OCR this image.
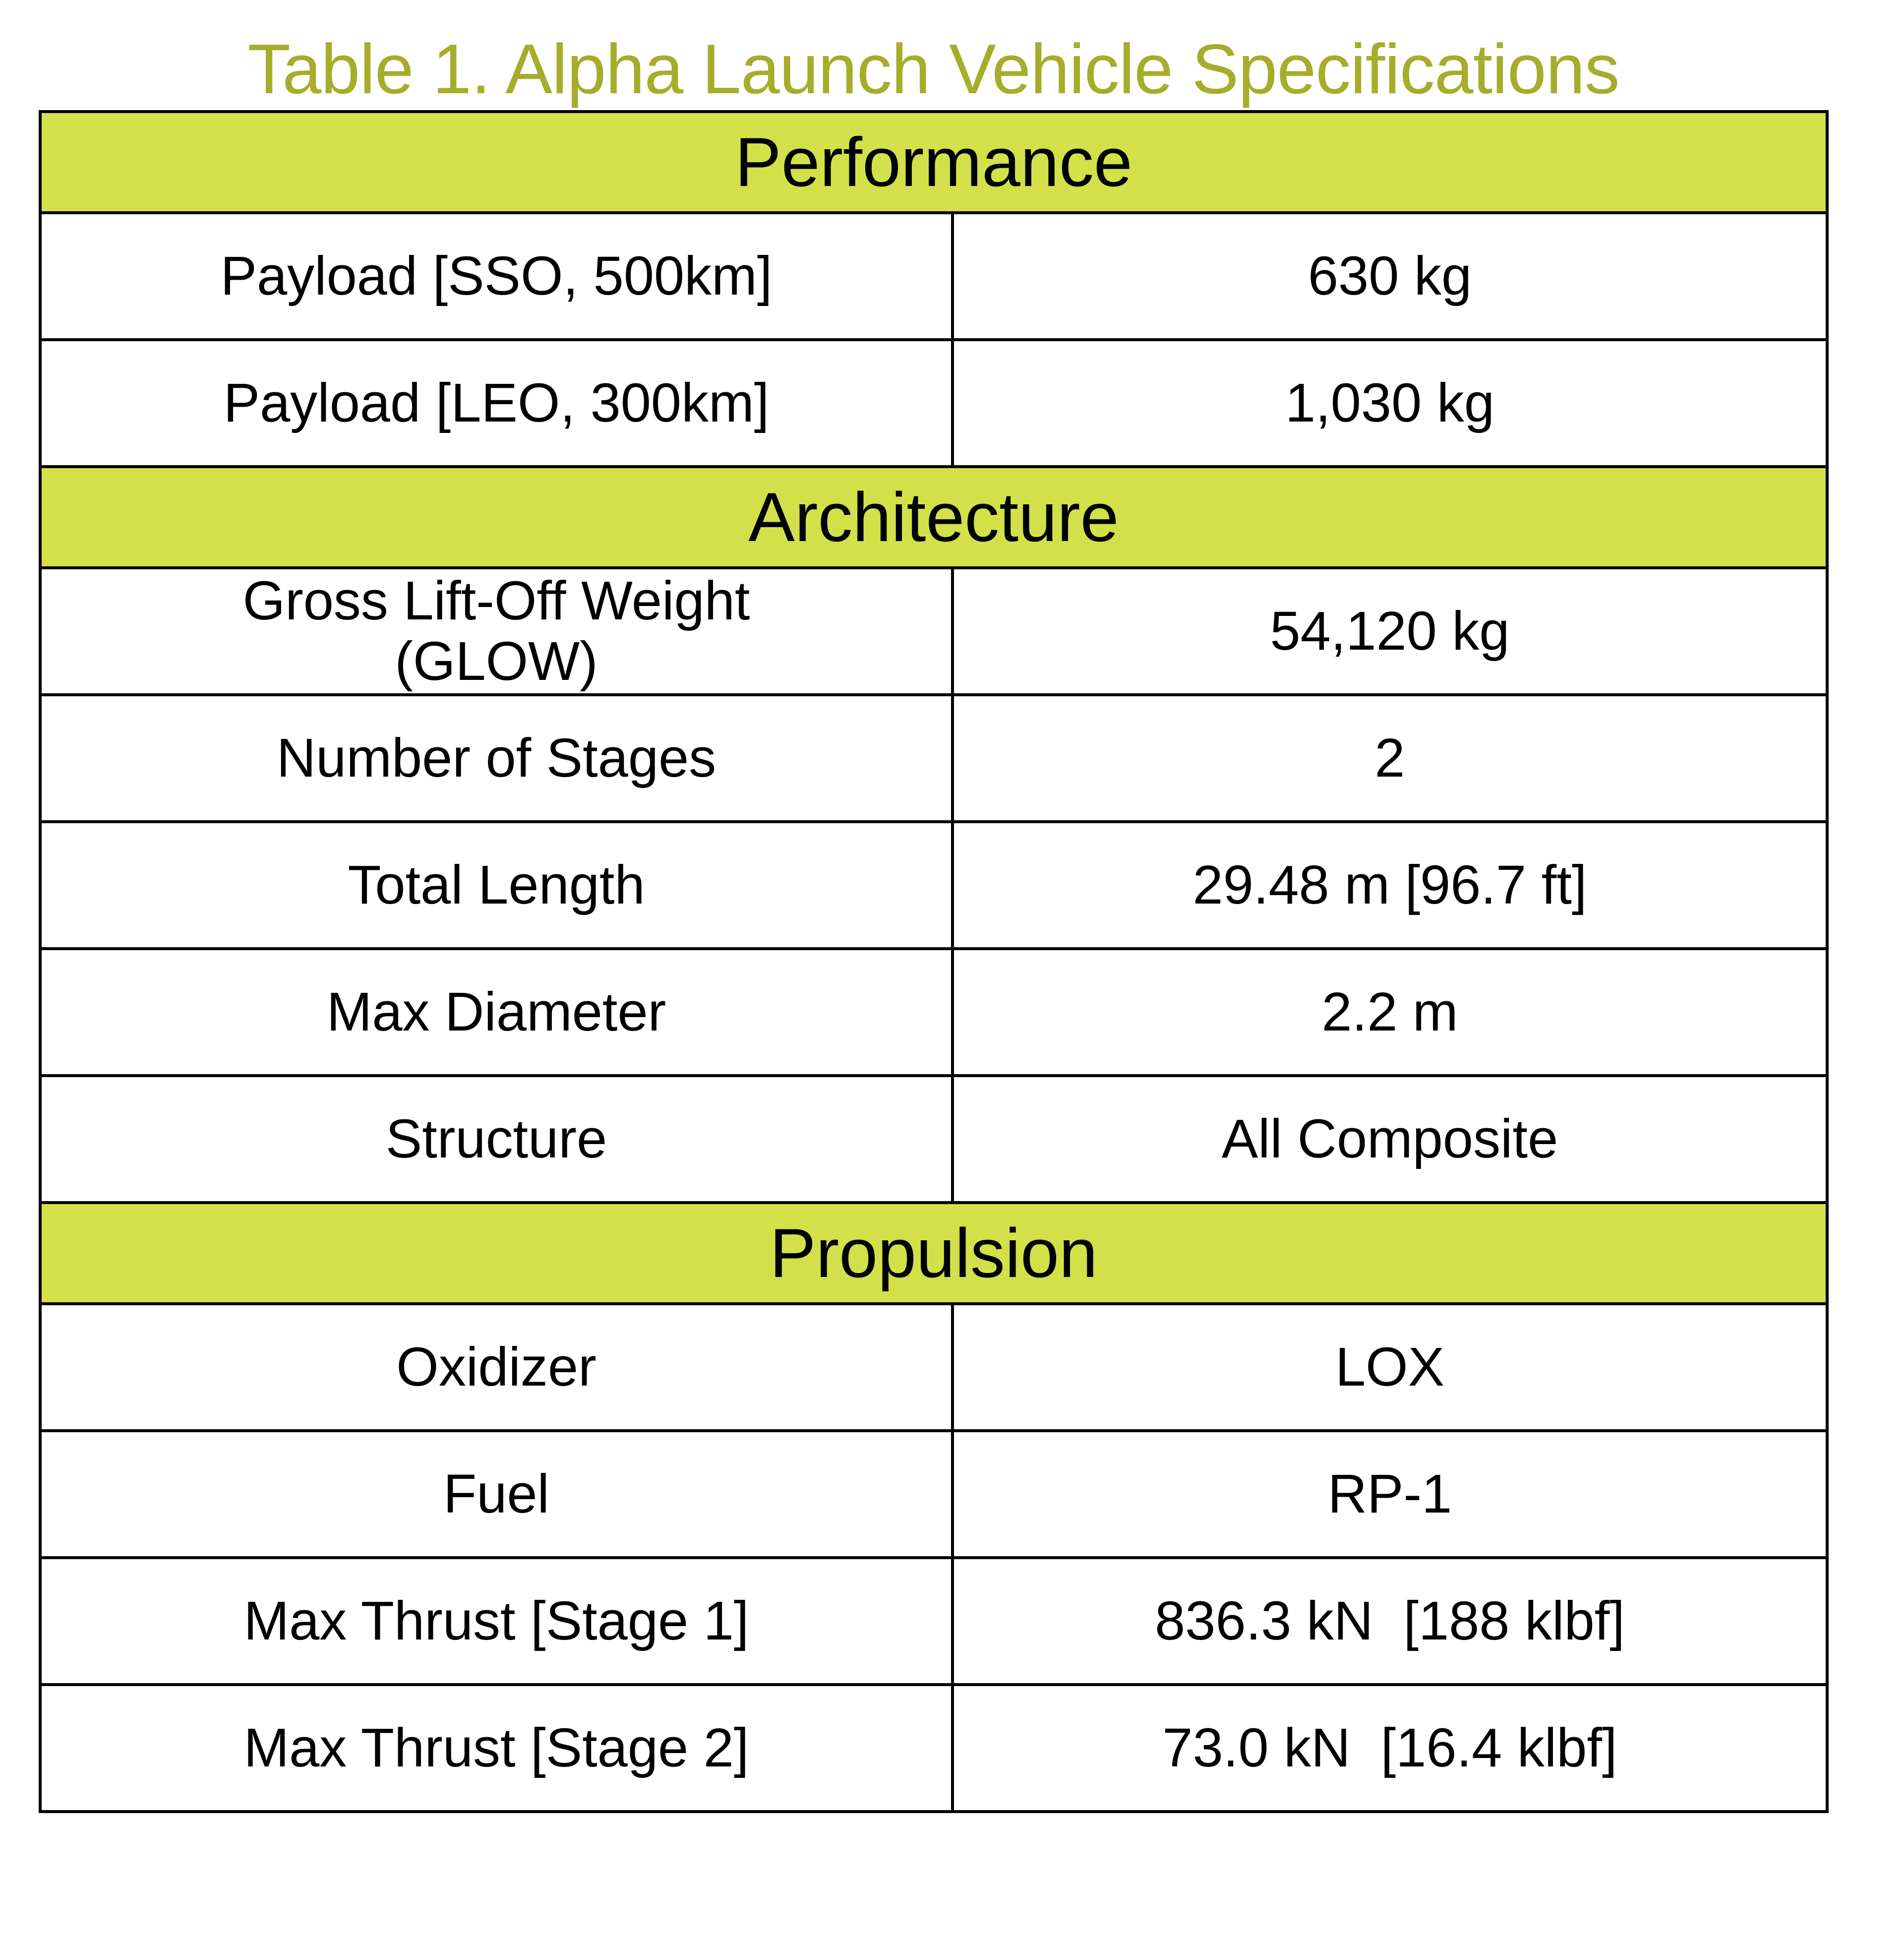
Table 1. Alpha Launch Vehicle Specifications
Performance	
Payload [SSO, 500km]	630 kg
Payload [LEO, 300km]	1,030 kg
Architecture	
Gross Lift-Off Weight (GLOW)	54,120 kg
Number of Stages	2
Total Length	29.48 m [96.7 ft]
Max Diameter	2.2 m
Structure	All Composite
Propulsion	
Oxidizer	LOX
Fuel	RP-1
Max Thrust [Stage 1]	836.3 kN  [188 klbf]
Max Thrust [Stage 2]	73.0 kN  [16.4 klbf]
